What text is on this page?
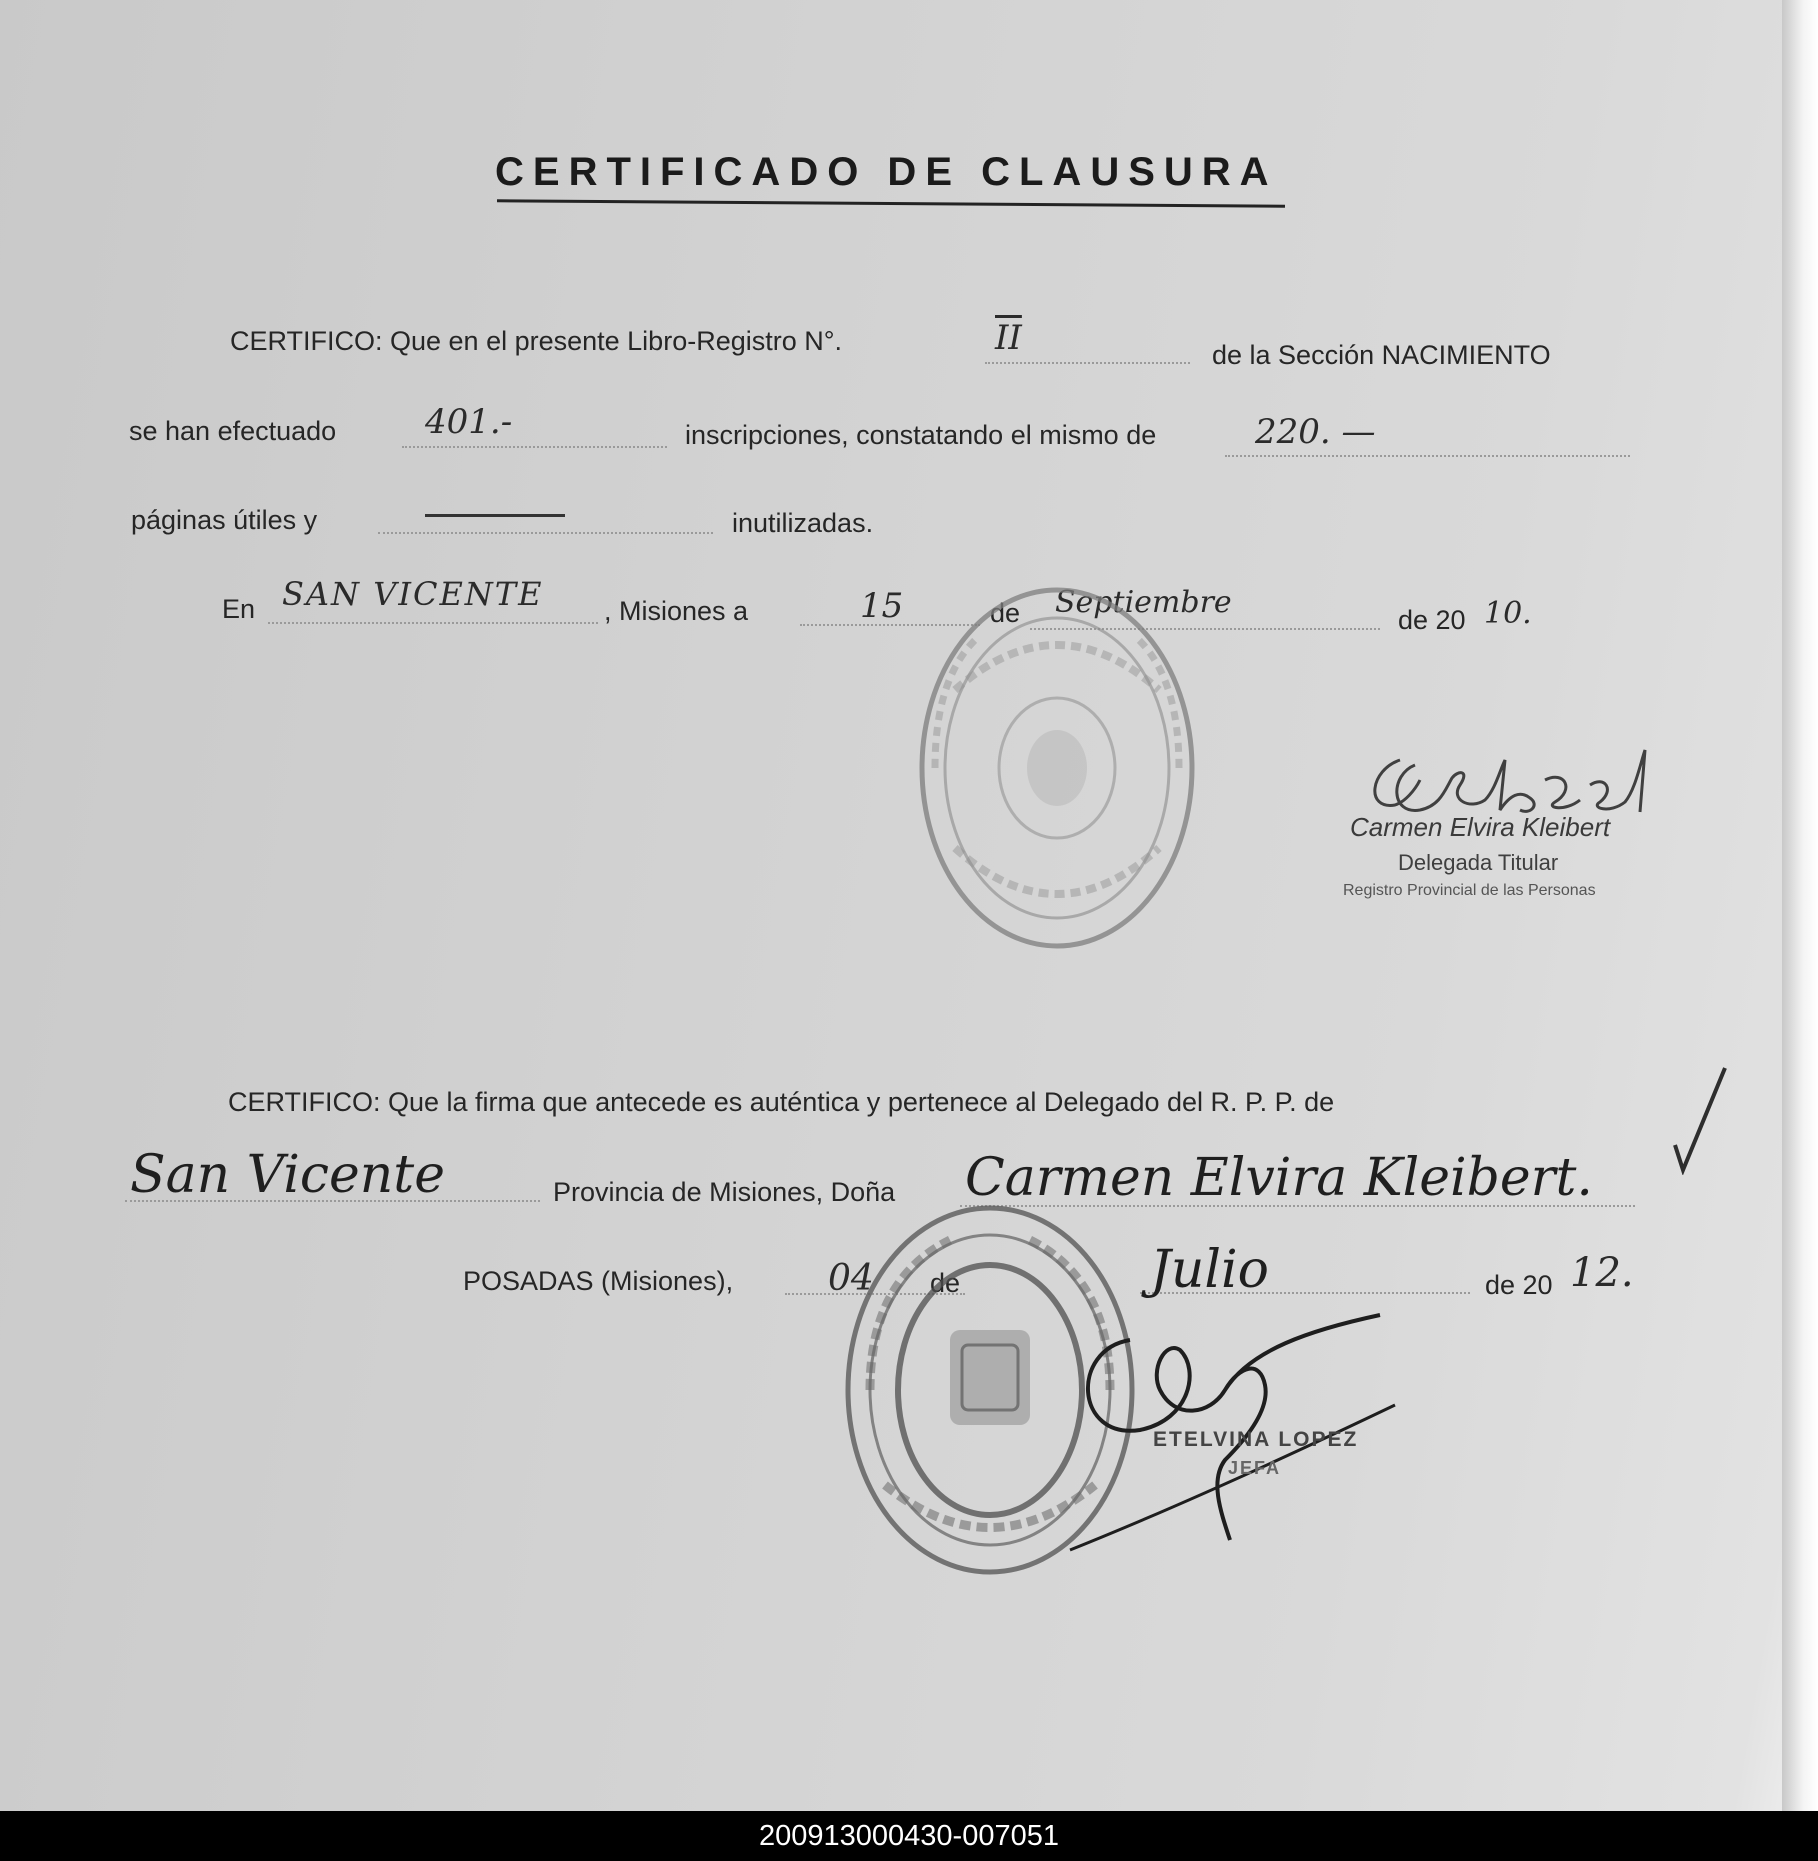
CERTIFICADO DE CLAUSURA
CERTIFICO: Que en el presente Libro-Registro N°.	$\overline{II}$	de la Sección NACIMIENTO
se han efectuado	401.-	inscripciones, constatando el mismo de	220. —
páginas útiles y	inutilizadas.
En SAN VICENTE , Misiones a	15	de Septiembre	de 20 10.
Carmen Elvira Kleibert
Delegada Titular
Registro Provincial de las Personas
CERTIFICO: Que la firma que antecede es auténtica y pertenece al Delegado del R. P. P. de
San Vicente	Provincia de Misiones, Doña Carmen Elvira Kleibert.
POSADAS (Misiones),	04 de	Julio	de 20 12.
ETELVINA LOPEZ
JEFA
200913000430-007051
